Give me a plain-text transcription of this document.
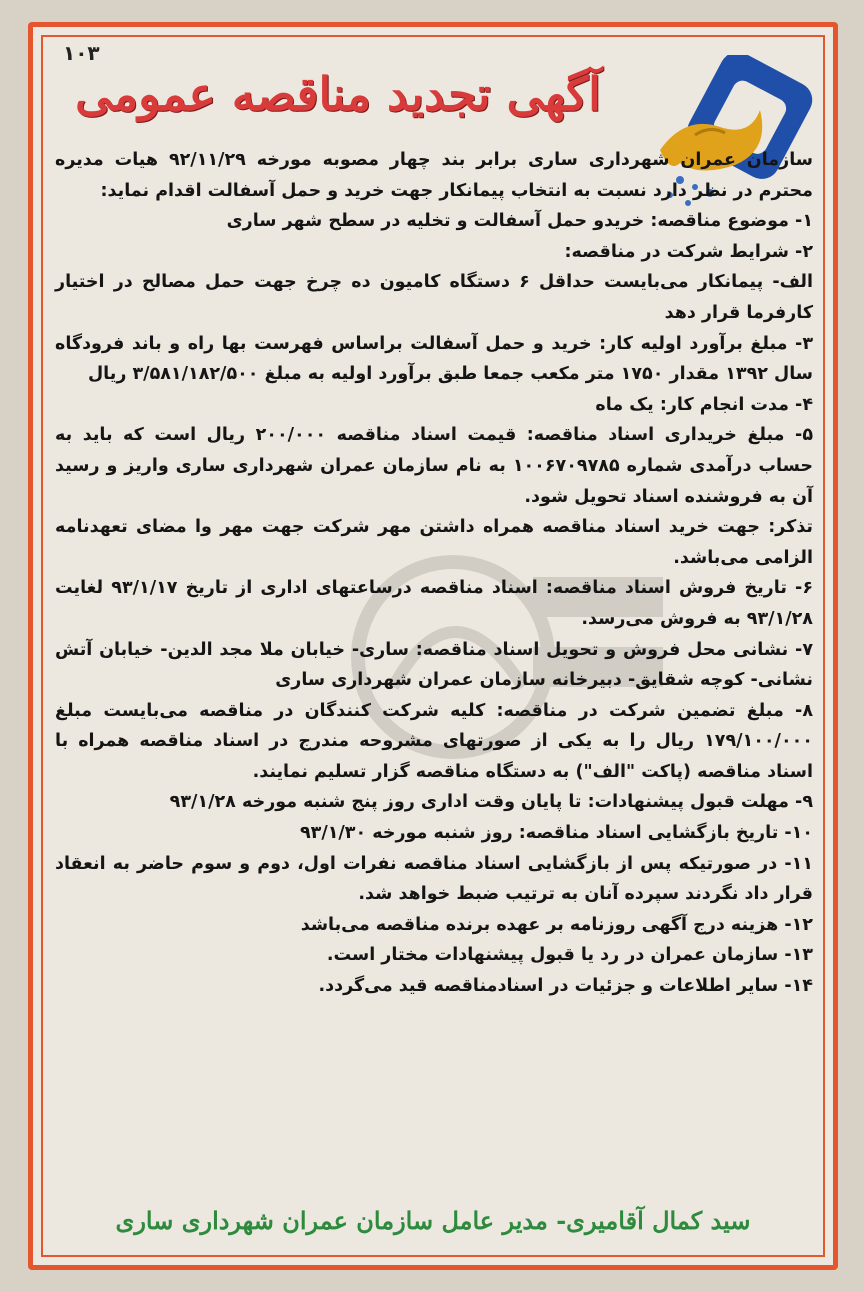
۱۰۳
آگهی تجدید مناقصه عمومی

سازمان عمران شهرداری ساری برابر بند چهار مصوبه مورخه ۹۲/۱۱/۲۹ هیات مدیره محترم در نظر دارد نسبت به انتخاب پیمانکار جهت خرید و حمل آسفالت اقدام نماید:

۱- موضوع مناقصه: خریدو حمل آسفالت و تخلیه در سطح شهر ساری

۲- شرایط شرکت در مناقصه:

الف- پیمانکار می‌بایست حداقل ۶ دستگاه کامیون ده چرخ جهت حمل مصالح در اختیار کارفرما قرار دهد

۳- مبلغ برآورد اولیه کار: خرید و حمل آسفالت براساس فهرست بها راه و باند فرودگاه سال ۱۳۹۲ مقدار ۱۷۵۰ متر مکعب جمعا طبق برآورد اولیه به مبلغ ۳/۵۸۱/۱۸۲/۵۰۰ ریال

۴- مدت انجام کار: یک ماه

۵- مبلغ خریداری اسناد مناقصه: قیمت اسناد مناقصه ۲۰۰/۰۰۰ ریال است که باید به حساب درآمدی شماره ۱۰۰۶۷۰۹۷۸۵ به نام سازمان عمران شهرداری ساری واریز و رسید آن به فروشنده اسناد تحویل شود.

تذکر: جهت خرید اسناد مناقصه همراه داشتن مهر شرکت جهت مهر وا مضای تعهدنامه الزامی می‌باشد.

۶- تاریخ فروش اسناد مناقصه: اسناد مناقصه درساعتهای اداری از تاریخ ۹۳/۱/۱۷ لغایت ۹۳/۱/۲۸ به فروش می‌رسد.

۷- نشانی محل فروش و تحویل اسناد مناقصه: ساری- خیابان ملا مجد الدین- خیابان آتش نشانی- کوچه شقایق- دبیرخانه سازمان عمران شهرداری ساری

۸- مبلغ تضمین شرکت در مناقصه: کلیه شرکت کنندگان در مناقصه می‌بایست مبلغ ۱۷۹/۱۰۰/۰۰۰ ریال را به یکی از صورتهای مشروحه مندرج در اسناد مناقصه همراه با اسناد مناقصه (پاکت "الف") به دستگاه مناقصه گزار تسلیم نمایند.

۹- مهلت قبول پیشنهادات: تا پایان وقت اداری روز پنج شنبه مورخه ۹۳/۱/۲۸

۱۰- تاریخ بازگشایی اسناد مناقصه: روز شنبه مورخه ۹۳/۱/۳۰

۱۱- در صورتیکه پس از بازگشایی اسناد مناقصه نفرات اول، دوم و سوم حاضر به انعقاد قرار داد نگردند سپرده آنان به ترتیب ضبط خواهد شد.

۱۲- هزینه درج آگهی روزنامه بر عهده برنده مناقصه می‌باشد

۱۳- سازمان عمران در رد یا قبول پیشنهادات مختار است.

۱۴- سایر اطلاعات و جزئیات در اسنادمناقصه قید می‌گردد.

سید کمال آقامیری- مدیر عامل سازمان عمران شهرداری ساری
